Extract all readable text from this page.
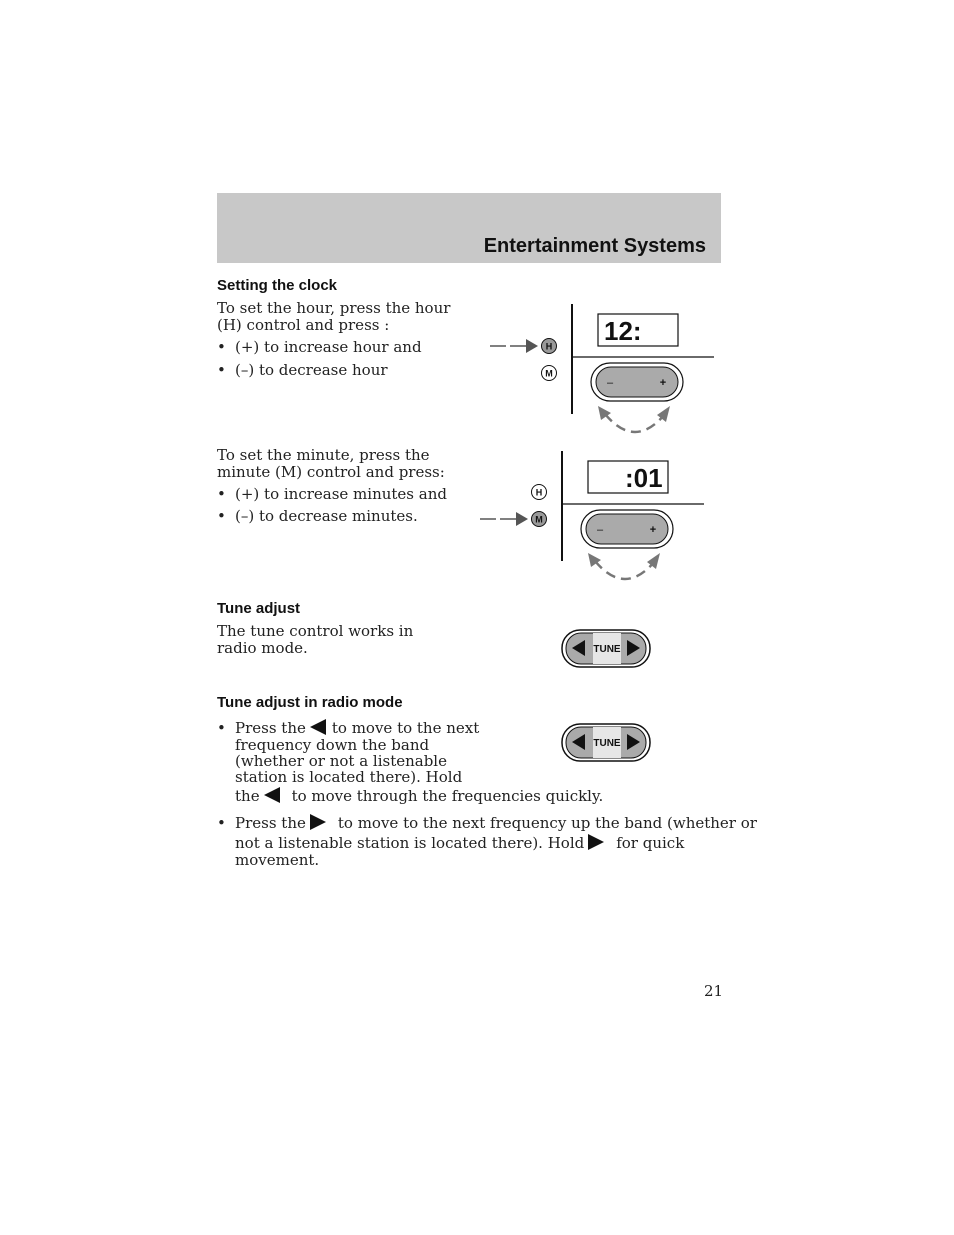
Entertainment Systems
Setting the clock
To set the hour, press the hour (H) control and press :
• (+) to increase hour and
• (–) to decrease hour
12:
H
M
–	+
To set the minute, press the minute (M) control and press:
• (+) to increase minutes and
• (–) to decrease minutes.
:01
H
M
–	+
Tune adjust
The tune control works in radio mode.	TUNE
Tune adjust in radio mode
• Press the to move to the next
frequency down the band
(whether or not a listenable
station is located there). Hold
the to move through the frequencies quickly.
TUNE
• Press the to move to the next frequency up the band (whether or
not a listenable station is located there). Hold for quick
movement.
21
